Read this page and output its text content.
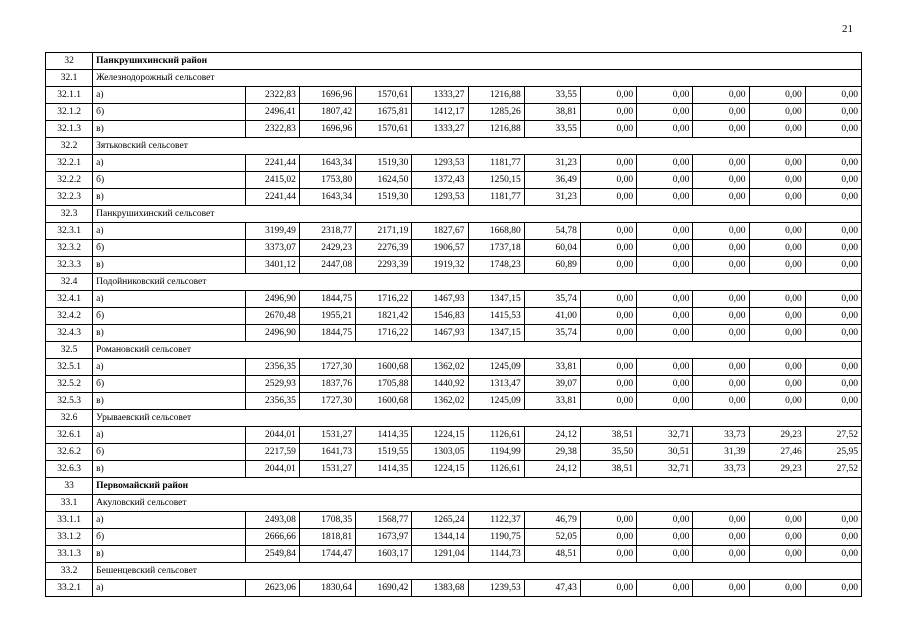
21
32	Панкрушихинский район											
32.1	Железнодорожный сельсовет											
32.1.1	а)	2322,83	1696,96	1570,61	1333,27	1216,88	33,55	0,00	0,00	0,00	0,00	0,00
32.1.2	б)	2496,41	1807,42	1675,81	1412,17	1285,26	38,81	0,00	0,00	0,00	0,00	0,00
32.1.3	в)	2322,83	1696,96	1570,61	1333,27	1216,88	33,55	0,00	0,00	0,00	0,00	0,00
32.2	Зятьковский сельсовет											
32.2.1	а)	2241,44	1643,34	1519,30	1293,53	1181,77	31,23	0,00	0,00	0,00	0,00	0,00
32.2.2	б)	2415,02	1753,80	1624,50	1372,43	1250,15	36,49	0,00	0,00	0,00	0,00	0,00
32.2.3	в)	2241,44	1643,34	1519,30	1293,53	1181,77	31,23	0,00	0,00	0,00	0,00	0,00
32.3	Панкрушихинский сельсовет											
32.3.1	а)	3199,49	2318,77	2171,19	1827,67	1668,80	54,78	0,00	0,00	0,00	0,00	0,00
32.3.2	б)	3373,07	2429,23	2276,39	1906,57	1737,18	60,04	0,00	0,00	0,00	0,00	0,00
32.3.3	в)	3401,12	2447,08	2293,39	1919,32	1748,23	60,89	0,00	0,00	0,00	0,00	0,00
32.4	Подойниковский сельсовет											
32.4.1	а)	2496,90	1844,75	1716,22	1467,93	1347,15	35,74	0,00	0,00	0,00	0,00	0,00
32.4.2	б)	2670,48	1955,21	1821,42	1546,83	1415,53	41,00	0,00	0,00	0,00	0,00	0,00
32.4.3	в)	2496,90	1844,75	1716,22	1467,93	1347,15	35,74	0,00	0,00	0,00	0,00	0,00
32.5	Романовский сельсовет											
32.5.1	а)	2356,35	1727,30	1600,68	1362,02	1245,09	33,81	0,00	0,00	0,00	0,00	0,00
32.5.2	б)	2529,93	1837,76	1705,88	1440,92	1313,47	39,07	0,00	0,00	0,00	0,00	0,00
32.5.3	в)	2356,35	1727,30	1600,68	1362,02	1245,09	33,81	0,00	0,00	0,00	0,00	0,00
32.6	Урываевский сельсовет											
32.6.1	а)	2044,01	1531,27	1414,35	1224,15	1126,61	24,12	38,51	32,71	33,73	29,23	27,52
32.6.2	б)	2217,59	1641,73	1519,55	1303,05	1194,99	29,38	35,50	30,51	31,39	27,46	25,95
32.6.3	в)	2044,01	1531,27	1414,35	1224,15	1126,61	24,12	38,51	32,71	33,73	29,23	27,52
33	Первомайский район											
33.1	Акуловский сельсовет											
33.1.1	а)	2493,08	1708,35	1568,77	1265,24	1122,37	46,79	0,00	0,00	0,00	0,00	0,00
33.1.2	б)	2666,66	1818,81	1673,97	1344,14	1190,75	52,05	0,00	0,00	0,00	0,00	0,00
33.1.3	в)	2549,84	1744,47	1603,17	1291,04	1144,73	48,51	0,00	0,00	0,00	0,00	0,00
33.2	Бешенцевский сельсовет											
33.2.1	а)	2623,06	1830,64	1690,42	1383,68	1239,53	47,43	0,00	0,00	0,00	0,00	0,00
